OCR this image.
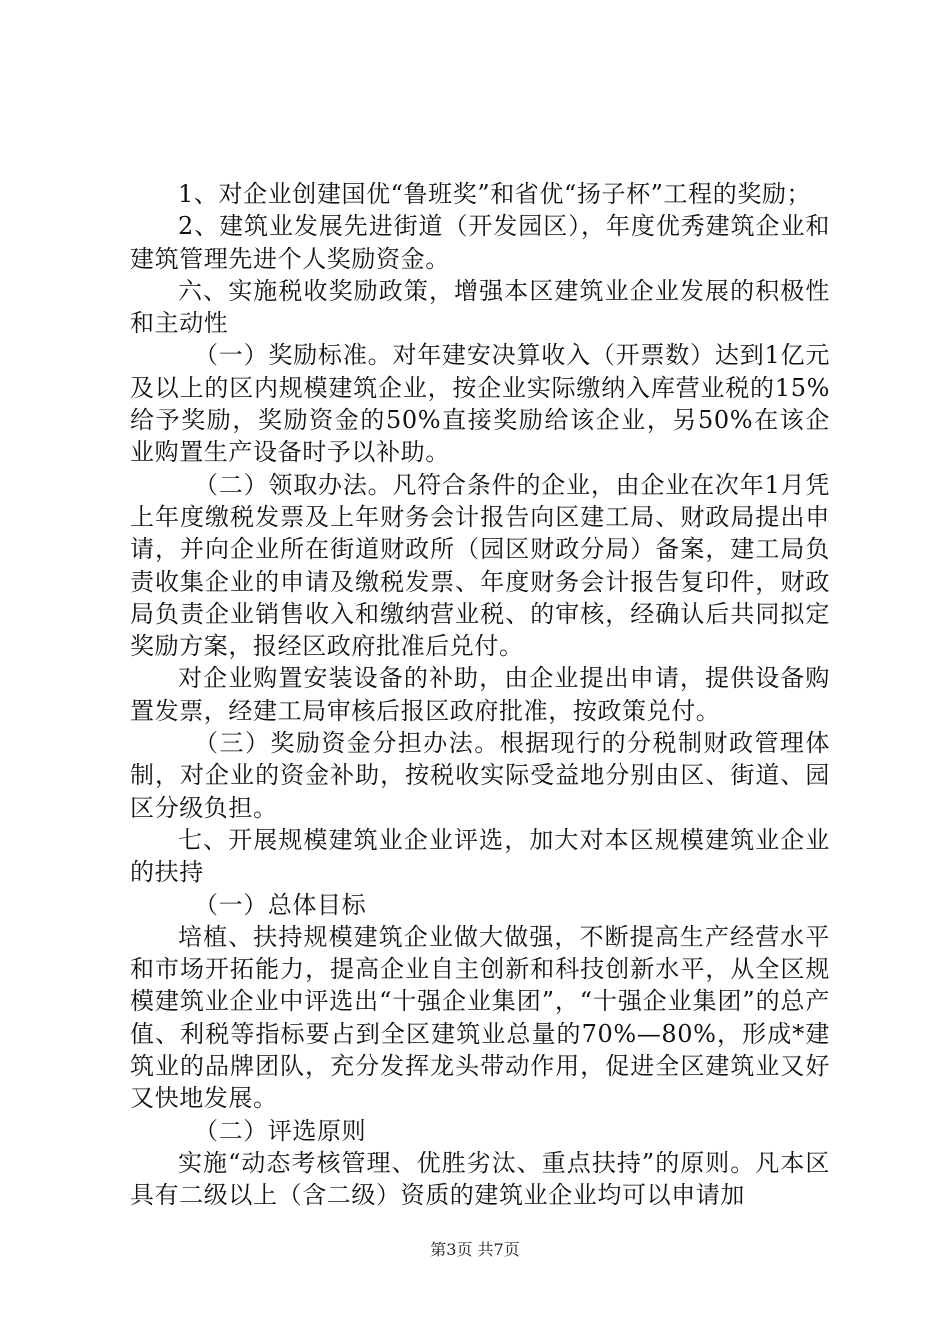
1、对企业创建国优“鲁班奖”和省优“扬子杯”工程的奖励；

2、建筑业发展先进街道（开发园区），年度优秀建筑企业和建筑管理先进个人奖励资金。

六、实施税收奖励政策，增强本区建筑业企业发展的积极性和主动性

（一）奖励标准。对年建安决算收入（开票数）达到1亿元及以上的区内规模建筑企业，按企业实际缴纳入库营业税的15%给予奖励，奖励资金的50%直接奖励给该企业，另50%在该企业购置生产设备时予以补助。

（二）领取办法。凡符合条件的企业，由企业在次年1月凭上年度缴税发票及上年财务会计报告向区建工局、财政局提出申请，并向企业所在街道财政所（园区财政分局）备案，建工局负责收集企业的申请及缴税发票、年度财务会计报告复印件，财政局负责企业销售收入和缴纳营业税、的审核，经确认后共同拟定奖励方案，报经区政府批准后兑付。

对企业购置安装设备的补助，由企业提出申请，提供设备购置发票，经建工局审核后报区政府批准，按政策兑付。

（三）奖励资金分担办法。根据现行的分税制财政管理体制，对企业的资金补助，按税收实际受益地分别由区、街道、园区分级负担。

七、开展规模建筑业企业评选，加大对本区规模建筑业企业的扶持

（一）总体目标

培植、扶持规模建筑企业做大做强，不断提高生产经营水平和市场开拓能力，提高企业自主创新和科技创新水平，从全区规模建筑业企业中评选出“十强企业集团”，“十强企业集团”的总产值、利税等指标要占到全区建筑业总量的70%—80%，形成*建筑业的品牌团队，充分发挥龙头带动作用，促进全区建筑业又好又快地发展。

（二）评选原则

实施“动态考核管理、优胜劣汰、重点扶持”的原则。凡本区具有二级以上（含二级）资质的建筑业企业均可以申请加

第3页 共7页
